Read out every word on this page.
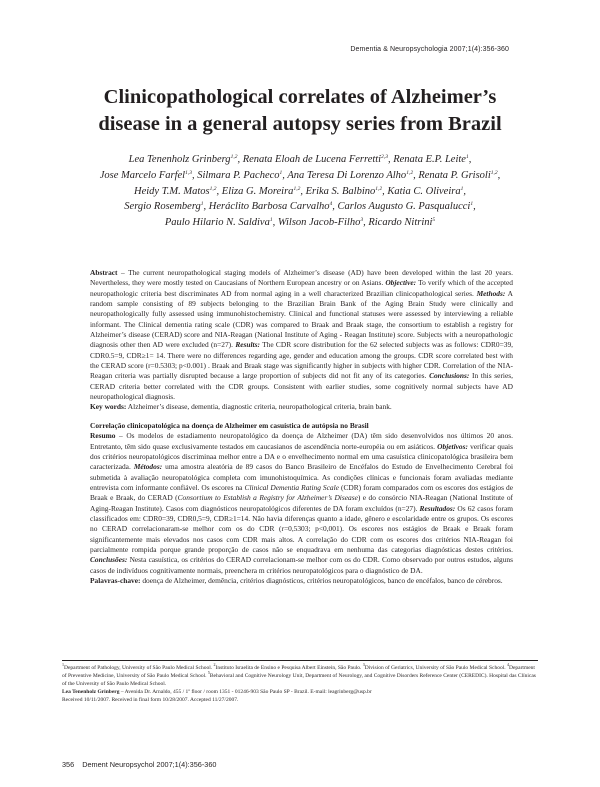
Dementia & Neuropsychologia 2007;1(4):356-360
Clinicopathological correlates of Alzheimer’s
disease in a general autopsy series from Brazil
Lea Tenenholz Grinberg$^{1,2}$, Renata Eloah de Lucena Ferretti$^{2,3}$, Renata E.P. Leite$^1$,
Jose Marcelo Farfel$^{1,3}$, Silmara P. Pacheco$^1$, Ana Teresa Di Lorenzo Alho$^{1,2}$, Renata P. Grisoli$^{1,2}$,
Heidy T.M. Matos$^{1,2}$, Eliza G. Moreira$^{1,2}$, Erika S. Balbino$^{1,2}$, Katia C. Oliveira$^1$,
Sergio Rosemberg$^1$, Heráclito Barbosa Carvalho$^4$, Carlos Augusto G. Pasqualucci$^1$,
Paulo Hilario N. Saldiva$^1$, Wilson Jacob-Filho$^3$, Ricardo Nitrini$^5$

Abstract – The current neuropathological staging models of Alzheimer’s disease (AD) have been developed within the last 20 years. Nevertheless, they were mostly tested on Caucasians of Northern European ancestry or on Asians. Objective: To verify which of the accepted neuropathologic criteria best discriminates AD from normal aging in a well characterized Brazilian clinicopathological series. Methods: A random sample consisting of 89 subjects belonging to the Brazilian Brain Bank of the Aging Brain Study were clinically and neuropathologically fully assessed using immunohistochemistry. Clinical and functional statuses were assessed by interviewing a reliable informant. The Clinical dementia rating scale (CDR) was compared to Braak and Braak stage, the consortium to establish a registry for Alzheimer’s disease (CERAD) score and NIA-Reagan (National Institute of Aging - Reagan Institute) score. Subjects with a neuropathologic diagnosis other then AD were excluded (n=27). Results: The CDR score distribution for the 62 selected subjects was as follows: CDR0=39, CDR0.5=9, CDR≥1= 14. There were no differences regarding age, gender and education among the groups. CDR score correlated best with the CERAD score (r=0.5303; p<0.001) . Braak and Braak stage was significantly higher in subjects with higher CDR. Correlation of the NIA-Reagan criteria was partially disrupted because a large proportion of subjects did not fit any of its categories. Conclusions: In this series, CERAD criteria better correlated with the CDR groups. Consistent with earlier studies, some cognitively normal subjects have AD neuropathological diagnosis.

Key words: Alzheimer’s disease, dementia, diagnostic criteria, neuropathological criteria, brain bank.

Correlação clinicopatológica na doença de Alzheimer em casuística de autópsia no Brasil

Resumo – Os modelos de estadiamento neuropatológico da doença de Alzheimer (DA) têm sido desenvolvidos nos últimos 20 anos. Entretanto, têm sido quase exclusivamente testados em caucasianos de ascendência norte-européia ou em asiáticos. Objetivos: verificar quais dos critérios neuropatológicos discriminaa melhor entre a DA e o envelhecimento normal em uma casuística clinicopatológica brasileira bem caracterizada. Métodos: uma amostra aleatória de 89 casos do Banco Brasileiro de Encéfalos do Estudo de Envelhecimento Cerebral foi submetida à avaliação neuropatológica completa com imunohistoquímica. As condições clínicas e funcionais foram avaliadas mediante entrevista com informante confiável. Os escores na Clinical Dementia Rating Scale (CDR) foram comparados com os escores dos estágios de Braak e Braak, do CERAD (Consortium to Establish a Registry for Alzheimer’s Disease) e do consórcio NIA-Reagan (National Institute of Aging-Reagan Institute). Casos com diagnósticos neuropatológicos diferentes de DA foram excluídos (n=27). Resultados: Os 62 casos foram classificados em: CDR0=39, CDR0,5=9, CDR≥1=14. Não havia diferenças quanto a idade, gênero e escolaridade entre os grupos. Os escores no CERAD correlacionaram-se melhor com os do CDR (r=0,5303; p<0,001). Os escores nos estágios de Braak e Braak foram significantemente mais elevados nos casos com CDR mais altos. A correlação do CDR com os escores dos critérios NIA-Reagan foi parcialmente rompida porque grande proporção de casos não se enquadrava em nenhuma das categorias diagnósticas destes critérios. Conclusões: Nesta casuística, os critérios do CERAD correlacionam-se melhor com os do CDR. Como observado por outros estudos, alguns casos de indivíduos cognitivamente normais, preenchera m critérios neuropatológicos para o diagnóstico de DA.

Palavras-chave: doença de Alzheimer, demência, critérios diagnósticos, critérios neuropatológicos, banco de encéfalos, banco de cérebros.

$^1$Department of Pathology, University of São Paulo Medical School. $^2$Instituto Israelita de Ensino e Pesquisa Albert Einstein, São Paulo. $^3$Division of Geriatrics, University of São Paulo Medical School. $^4$Department of Preventive Medicine, University of São Paulo Medical School. $^5$Behavioral and Cognitive Neurology Unit, Department of Neurology, and Cognitive Disorders Reference Center (CEREDIC). Hospital das Clínicas of the University of São Paulo Medical School.

Lea Tenenholz Grinberg – Avenida Dr. Arnaldo, 455 / 1º floor / room 1351 - 01246-903 São Paulo SP - Brazil. E-mail: leagrinberg@usp.br

Received 10/11/2007. Received in final form 10/28/2007. Accepted 11/27/2007.

356 Dement Neuropsychol 2007;1(4):356-360
